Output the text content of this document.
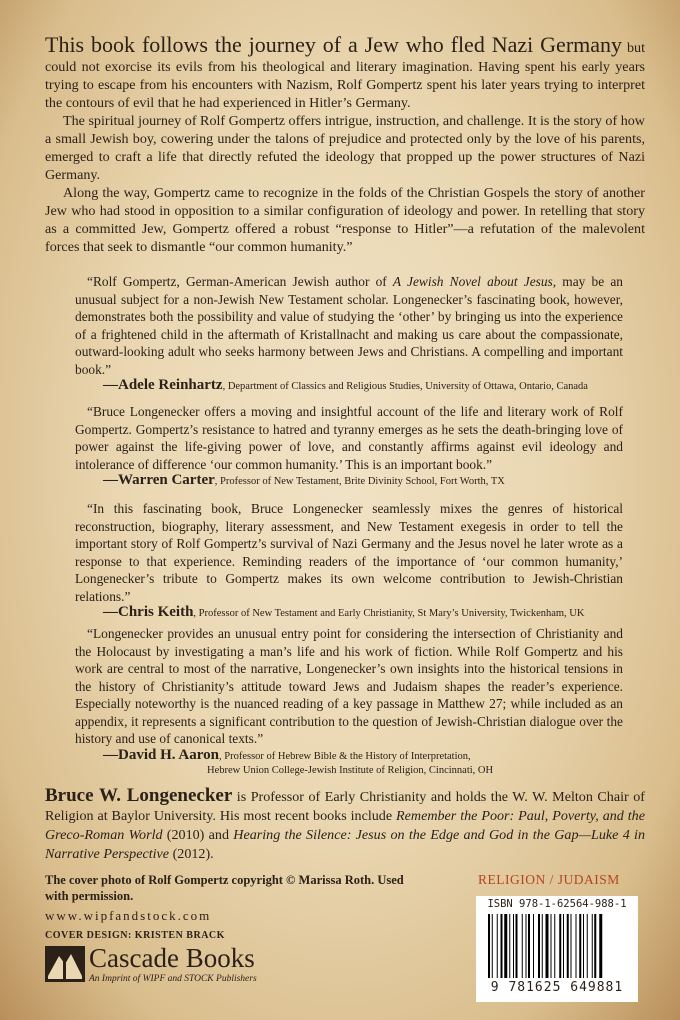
This book follows the journey of a Jew who fled Nazi Germany but could not exorcise its evils from his theological and literary imagination. Having spent his early years trying to escape from his encounters with Nazism, Rolf Gompertz spent his later years trying to interpret the contours of evil that he had experienced in Hitler’s Germany.

The spiritual journey of Rolf Gompertz offers intrigue, instruction, and challenge. It is the story of how a small Jewish boy, cowering under the talons of prejudice and protected only by the love of his parents, emerged to craft a life that directly refuted the ideology that propped up the power structures of Nazi Germany.

Along the way, Gompertz came to recognize in the folds of the Christian Gospels the story of another Jew who had stood in opposition to a similar configuration of ideology and power. In retelling that story as a committed Jew, Gompertz offered a robust “response to Hitler”—a refutation of the malevolent forces that seek to dismantle “our common humanity.”

“Rolf Gompertz, German-American Jewish author of A Jewish Novel about Jesus, may be an unusual subject for a non-Jewish New Testament scholar. Longenecker’s fascinating book, however, demonstrates both the possibility and value of studying the ‘other’ by bringing us into the experience of a frightened child in the aftermath of Kristallnacht and making us care about the compassionate, outward-looking adult who seeks harmony between Jews and Christians. A compelling and important book.”

—Adele Reinhartz, Department of Classics and Religious Studies, University of Ottawa, Ontario, Canada

“Bruce Longenecker offers a moving and insightful account of the life and literary work of Rolf Gompertz. Gompertz’s resistance to hatred and tyranny emerges as he sets the death-bringing love of power against the life-giving power of love, and constantly affirms against evil ideology and intolerance of difference ‘our common humanity.’ This is an important book.”

—Warren Carter, Professor of New Testament, Brite Divinity School, Fort Worth, TX

“In this fascinating book, Bruce Longenecker seamlessly mixes the genres of historical reconstruction, biography, literary assessment, and New Testament exegesis in order to tell the important story of Rolf Gompertz’s survival of Nazi Germany and the Jesus novel he later wrote as a response to that experience. Reminding readers of the importance of ‘our common humanity,’ Longenecker’s tribute to Gompertz makes its own welcome contribution to Jewish-Christian relations.”

—Chris Keith, Professor of New Testament and Early Christianity, St Mary’s University, Twickenham, UK

“Longenecker provides an unusual entry point for considering the intersection of Christianity and the Holocaust by investigating a man’s life and his work of fiction. While Rolf Gompertz and his work are central to most of the narrative, Longenecker’s own insights into the historical tensions in the history of Christianity’s attitude toward Jews and Judaism shapes the reader’s experience. Especially noteworthy is the nuanced reading of a key passage in Matthew 27; while included as an appendix, it represents a significant contribution to the question of Jewish-Christian dialogue over the history and use of canonical texts.”

—David H. Aaron, Professor of Hebrew Bible & the History of Interpretation,

Hebrew Union College-Jewish Institute of Religion, Cincinnati, OH

Bruce W. Longenecker is Professor of Early Christianity and holds the W. W. Melton Chair of Religion at Baylor University. His most recent books include Remember the Poor: Paul, Poverty, and the Greco-Roman World (2010) and Hearing the Silence: Jesus on the Edge and God in the Gap—Luke 4 in Narrative Perspective (2012).
The cover photo of Rolf Gompertz copyright © Marissa Roth. Used with permission.
www.wipfandstock.com
COVER DESIGN: KRISTEN BRACK
Cascade Books
An Imprint of WIPF and STOCK Publishers
RELIGION / JUDAISM
ISBN 978-1-62564-988-1
9 781625 649881
